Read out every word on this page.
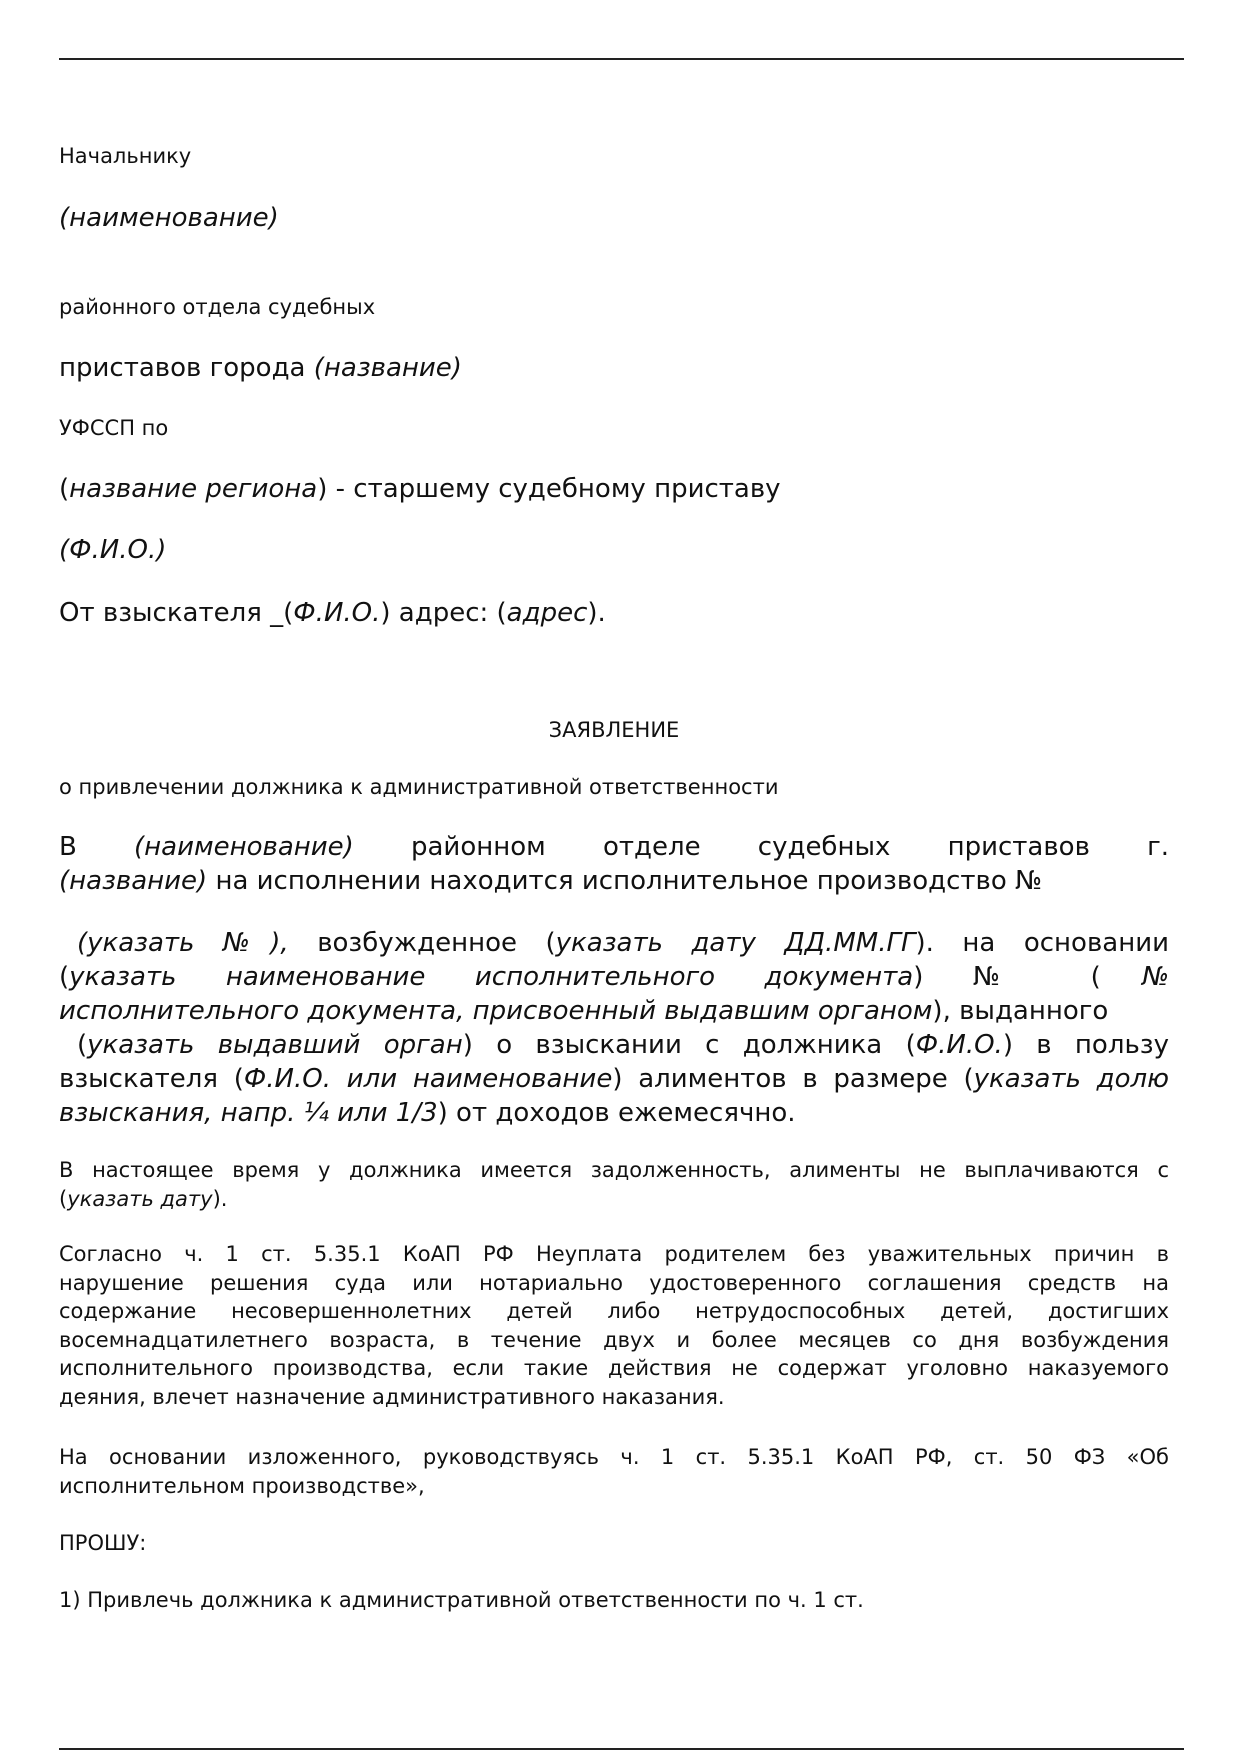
Начальнику

(наименование)

районного отдела судебных

приставов города (название)

УФССП по

(название региона) - старшему судебному приставу

(Ф.И.О.)

От взыскателя _(Ф.И.О.) адрес: (адрес).

ЗАЯВЛЕНИЕ

о привлечении должника к административной ответственности

В (наименование) районном отделе судебных приставов г.
(название) на исполнении находится исполнительное производство №

(указать №), возбужденное (указать дату ДД.ММ.ГГ). на основании
(указать наименование исполнительного документа) № (№
исполнительного документа, присвоенный выдавшим органом), выданного
(указать выдавший орган) о взыскании с должника (Ф.И.О.) в пользу
взыскателя (Ф.И.О. или наименование) алиментов в размере (указать долю
взыскания, напр. ¼ или 1/3) от доходов ежемесячно.

В настоящее время у должника имеется задолженность, алименты не выплачиваются с
(указать дату).

Согласно ч. 1 ст. 5.35.1 КоАП РФ Неуплата родителем без уважительных причин в
нарушение решения суда или нотариально удостоверенного соглашения средств на
содержание несовершеннолетних детей либо нетрудоспособных детей, достигших
восемнадцатилетнего возраста, в течение двух и более месяцев со дня возбуждения
исполнительного производства, если такие действия не содержат уголовно наказуемого
деяния, влечет назначение административного наказания.

На основании изложенного, руководствуясь ч. 1 ст. 5.35.1 КоАП РФ, ст. 50 ФЗ «Об
исполнительном производстве»,

ПРОШУ:

1) Привлечь должника к административной ответственности по ч. 1 ст.
